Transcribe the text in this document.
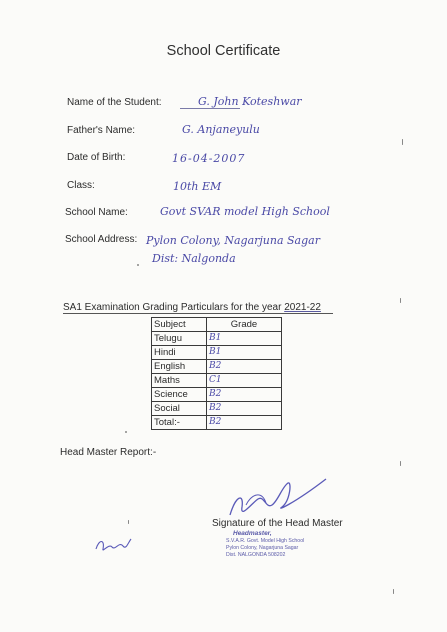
School Certificate
Name of the Student:	G. John Koteshwar
Father's Name:	G. Anjaneyulu
Date of Birth:	16-04-2007
Class:	10th EM
School Name:	Govt SVAR model High School
School Address: Pylon Colony, Nagarjuna Sagar
Dist: Nalgonda
SA1 Examination Grading Particulars for the year 2021-22
Subject	Grade
Telugu	B1
Hindi	B1
English	B2
Maths	C1
Science	B2
Social	B2
Total:-	B2
Head Master Report:-
Signature of the Head Master
Headmaster,
S.V.A.R. Govt. Model High School
Pylon Colony, Nagarjuna Sagar
Dist. NALGONDA 508202
